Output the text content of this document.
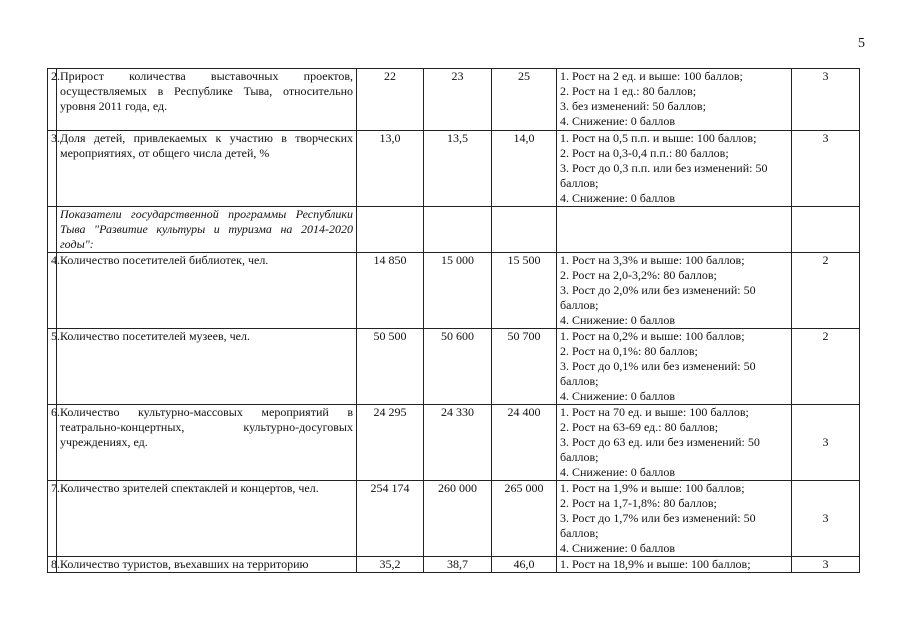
5
2.	Прирост количества выставочных проектов, осуществляемых в Республике Тыва, относительно уровня 2011 года, ед.	22	23	25	1. Рост на 2 ед. и выше: 100 баллов;
2. Рост на 1 ед.: 80 баллов;
3. без изменений: 50 баллов;
4. Снижение: 0 баллов	3
3.	Доля детей, привлекаемых к участию в творческих мероприятиях, от общего числа детей, %	13,0	13,5	14,0	1. Рост на 0,5 п.п. и выше: 100 баллов;
2. Рост на 0,3-0,4 п.п.: 80 баллов;
3. Рост до 0,3 п.п. или без изменений: 50 баллов;
4. Снижение: 0 баллов	3
	Показатели государственной программы Республики Тыва "Развитие культуры и туризма на 2014-2020 годы":					
4.	Количество посетителей библиотек, чел.	14 850	15 000	15 500	1. Рост на 3,3% и выше: 100 баллов;
2. Рост на 2,0-3,2%: 80 баллов;
3. Рост до 2,0% или без изменений: 50 баллов;
4. Снижение: 0 баллов	2
5.	Количество посетителей музеев, чел.	50 500	50 600	50 700	1. Рост на 0,2% и выше: 100 баллов;
2. Рост на 0,1%: 80 баллов;
3. Рост до 0,1% или без изменений: 50 баллов;
4. Снижение: 0 баллов	2
6.	Количество культурно-массовых мероприятий в театрально-концертных, культурно-досуговых учреждениях, ед.	24 295	24 330	24 400	1. Рост на 70 ед. и выше: 100 баллов;
2. Рост на 63-69 ед.: 80 баллов;
3. Рост до 63 ед. или без изменений: 50 баллов;
4. Снижение: 0 баллов	3
7.	Количество зрителей спектаклей и концертов, чел.	254 174	260 000	265 000	1. Рост на 1,9% и выше: 100 баллов;
2. Рост на 1,7-1,8%: 80 баллов;
3. Рост до 1,7% или без изменений: 50 баллов;
4. Снижение: 0 баллов	3
8.	Количество туристов, въехавших на территорию	35,2	38,7	46,0	1. Рост на 18,9% и выше: 100 баллов;	3
